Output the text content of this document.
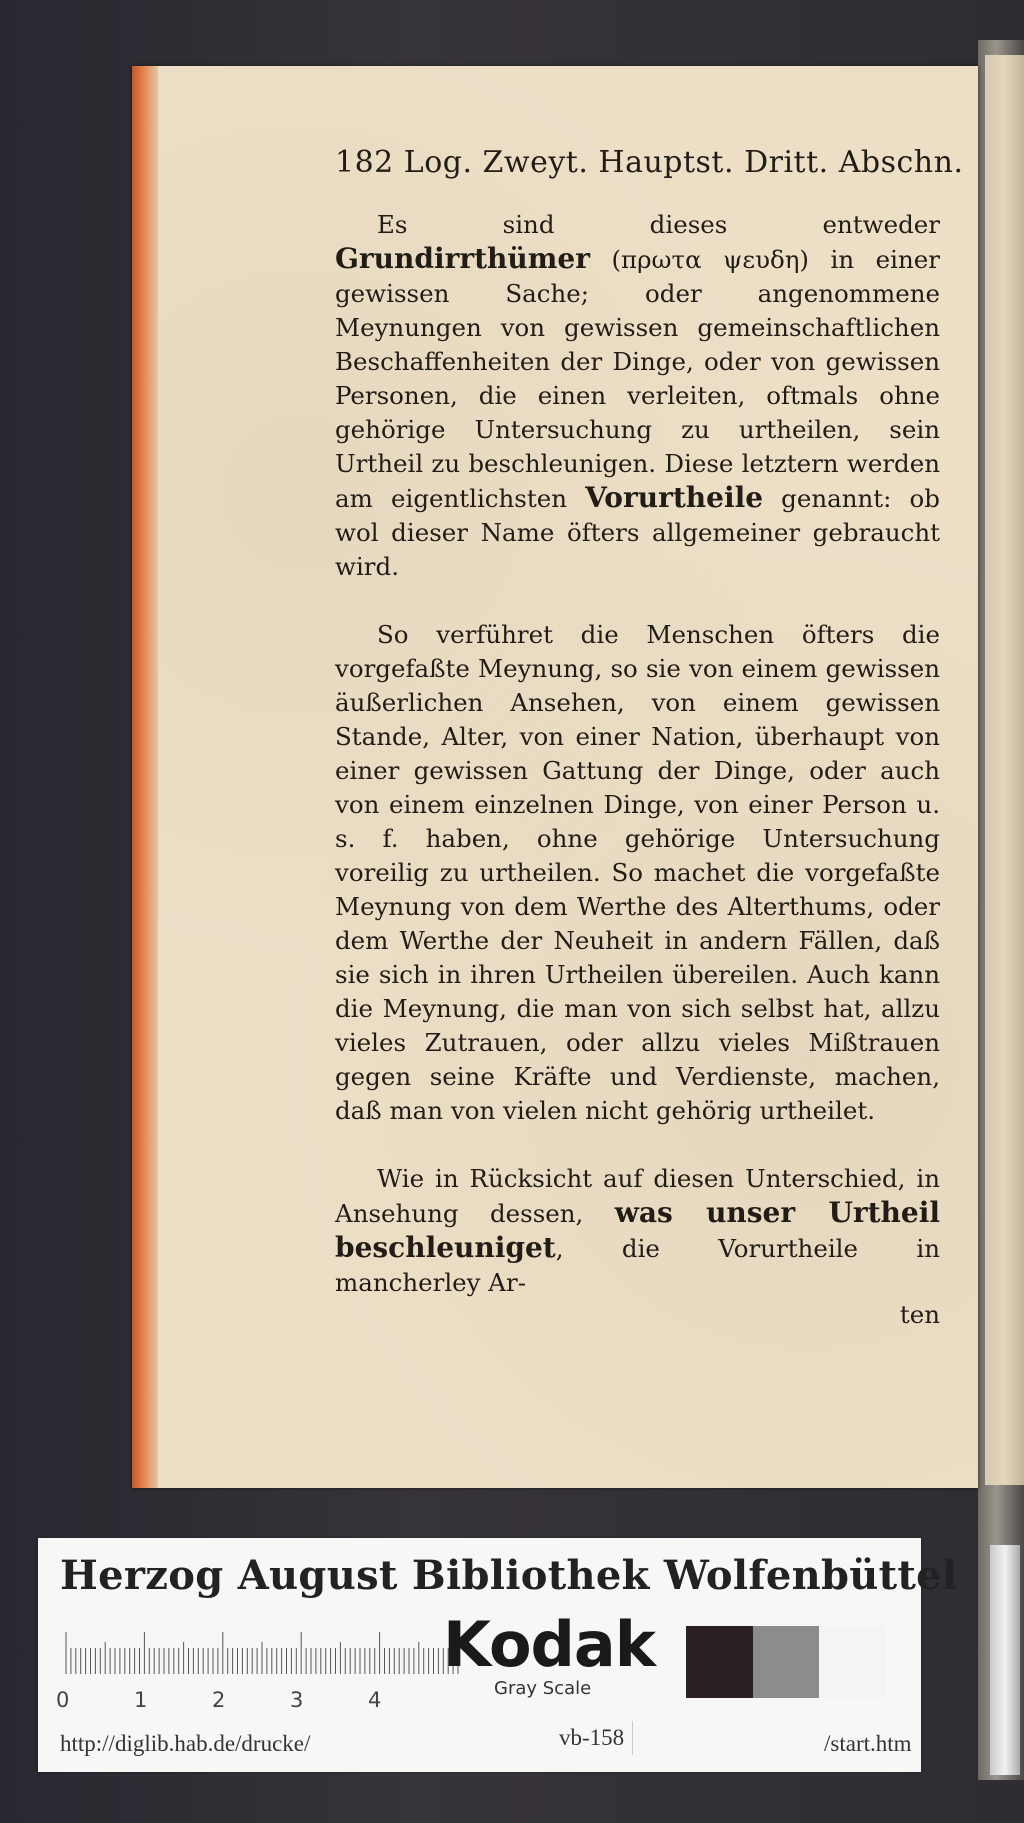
182 Log. Zweyt. Hauptst. Dritt. Abschn.

Es sind dieses entweder Grundirrthümer (πρωτα ψευδη) in einer gewissen Sache; oder angenommene Meynungen von gewissen gemeinschaftlichen Beschaffenheiten der Dinge, oder von gewissen Personen, die einen verleiten, oftmals ohne gehörige Untersuchung zu urtheilen, sein Urtheil zu beschleunigen. Diese letztern werden am eigentlichsten Vorurtheile genannt: ob wol dieser Name öfters allgemeiner gebraucht wird.

So verführet die Menschen öfters die vorgefaßte Meynung, so sie von einem gewissen äußerlichen Ansehen, von einem gewissen Stande, Alter, von einer Nation, überhaupt von einer gewissen Gattung der Dinge, oder auch von einem einzelnen Dinge, von einer Person u. s. f. haben, ohne gehörige Untersuchung voreilig zu urtheilen. So machet die vorgefaßte Meynung von dem Werthe des Alterthums, oder dem Werthe der Neuheit in andern Fällen, daß sie sich in ihren Urtheilen übereilen. Auch kann die Meynung, die man von sich selbst hat, allzu vieles Zutrauen, oder allzu vieles Mißtrauen gegen seine Kräfte und Verdienste, machen, daß man von vielen nicht gehörig urtheilet.

Wie in Rücksicht auf diesen Unterschied, in Ansehung dessen, was unser Urtheil beschleuniget, die Vorurtheile in mancherley Ar-

ten
Herzog August Bibliothek Wolfenbüttel
0	1	2	3	4
Kodak
Gray Scale
http://diglib.hab.de/drucke/	vb-158	/start.htm
